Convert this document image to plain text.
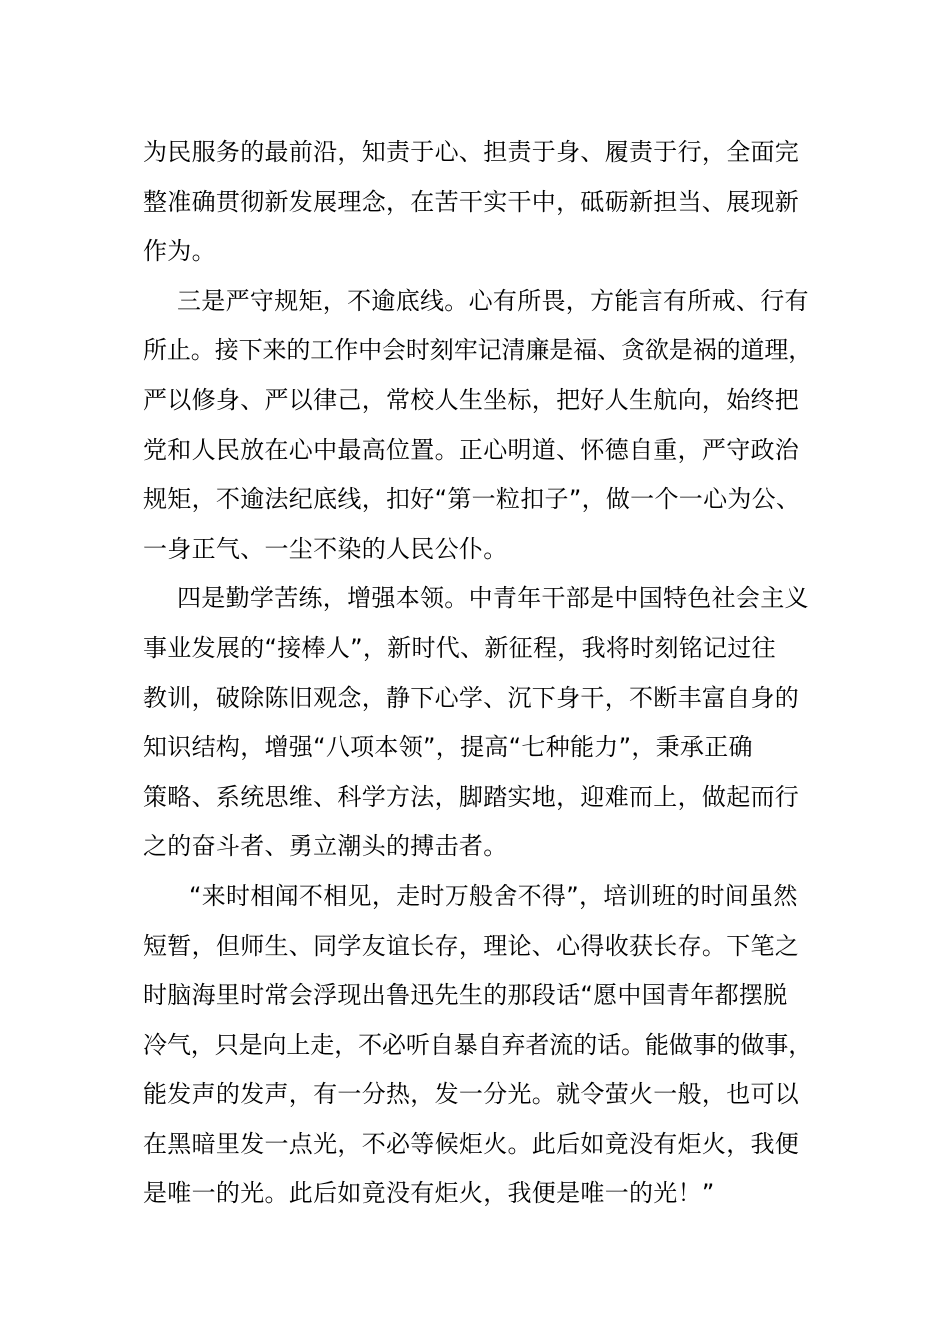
为民服务的最前沿，知责于心、担责于身、履责于行，全面完
整准确贯彻新发展理念，在苦干实干中，砥砺新担当、展现新
作为。
三是严守规矩，不逾底线。心有所畏，方能言有所戒、行有
所止。接下来的工作中会时刻牢记清廉是福、贪欲是祸的道理，
严以修身、严以律己，常校人生坐标，把好人生航向，始终把
党和人民放在心中最高位置。正心明道、怀德自重，严守政治
规矩，不逾法纪底线，扣好“第一粒扣子”，做一个一心为公、
一身正气、一尘不染的人民公仆。
四是勤学苦练，增强本领。中青年干部是中国特色社会主义
事业发展的“接棒人”，新时代、新征程，我将时刻铭记过往
教训，破除陈旧观念，静下心学、沉下身干，不断丰富自身的
知识结构，增强“八项本领”，提高“七种能力”，秉承正确
策略、系统思维、科学方法，脚踏实地，迎难而上，做起而行
之的奋斗者、勇立潮头的搏击者。
“来时相闻不相见，走时万般舍不得”，培训班的时间虽然
短暂，但师生、同学友谊长存，理论、心得收获长存。下笔之
时脑海里时常会浮现出鲁迅先生的那段话“愿中国青年都摆脱
冷气，只是向上走，不必听自暴自弃者流的话。能做事的做事，
能发声的发声，有一分热，发一分光。就令萤火一般，也可以
在黑暗里发一点光，不必等候炬火。此后如竟没有炬火，我便
是唯一的光。此后如竟没有炬火，我便是唯一的光！”
